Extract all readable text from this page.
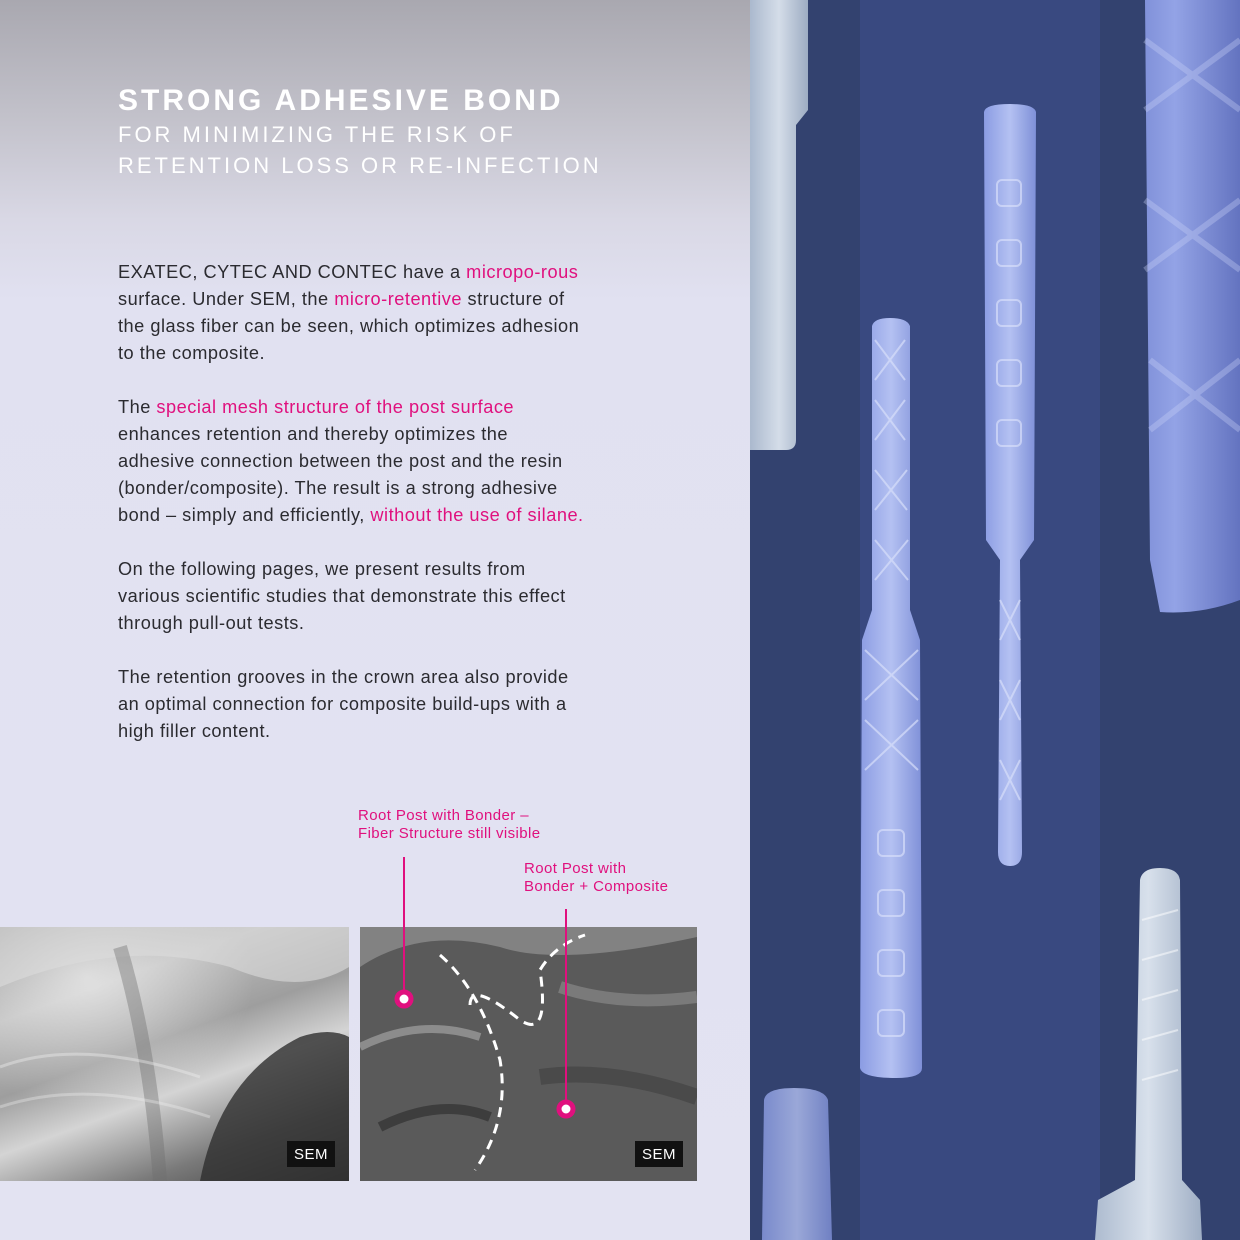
STRONG ADHESIVE BOND
FOR MINIMIZING THE RISK OF
RETENTION LOSS OR RE-INFECTION

EXATEC, CYTEC AND CONTEC have a micropo-rous surface. Under SEM, the micro-retentive structure of the glass fiber can be seen, which optimizes adhesion to the composite.

The special mesh structure of the post surface enhances retention and thereby optimizes the adhesive connection between the post and the resin (bonder/composite). The result is a strong adhesive bond – simply and efficiently, without the use of silane.

On the following pages, we present results from various scientific studies that demonstrate this effect through pull-out tests.

The retention grooves in the crown area also provide an optimal connection for composite build-ups with a high filler content.

Root Post with Bonder –
Fiber Structure still visible
Root Post with
Bonder + Composite
SEM	SEM
